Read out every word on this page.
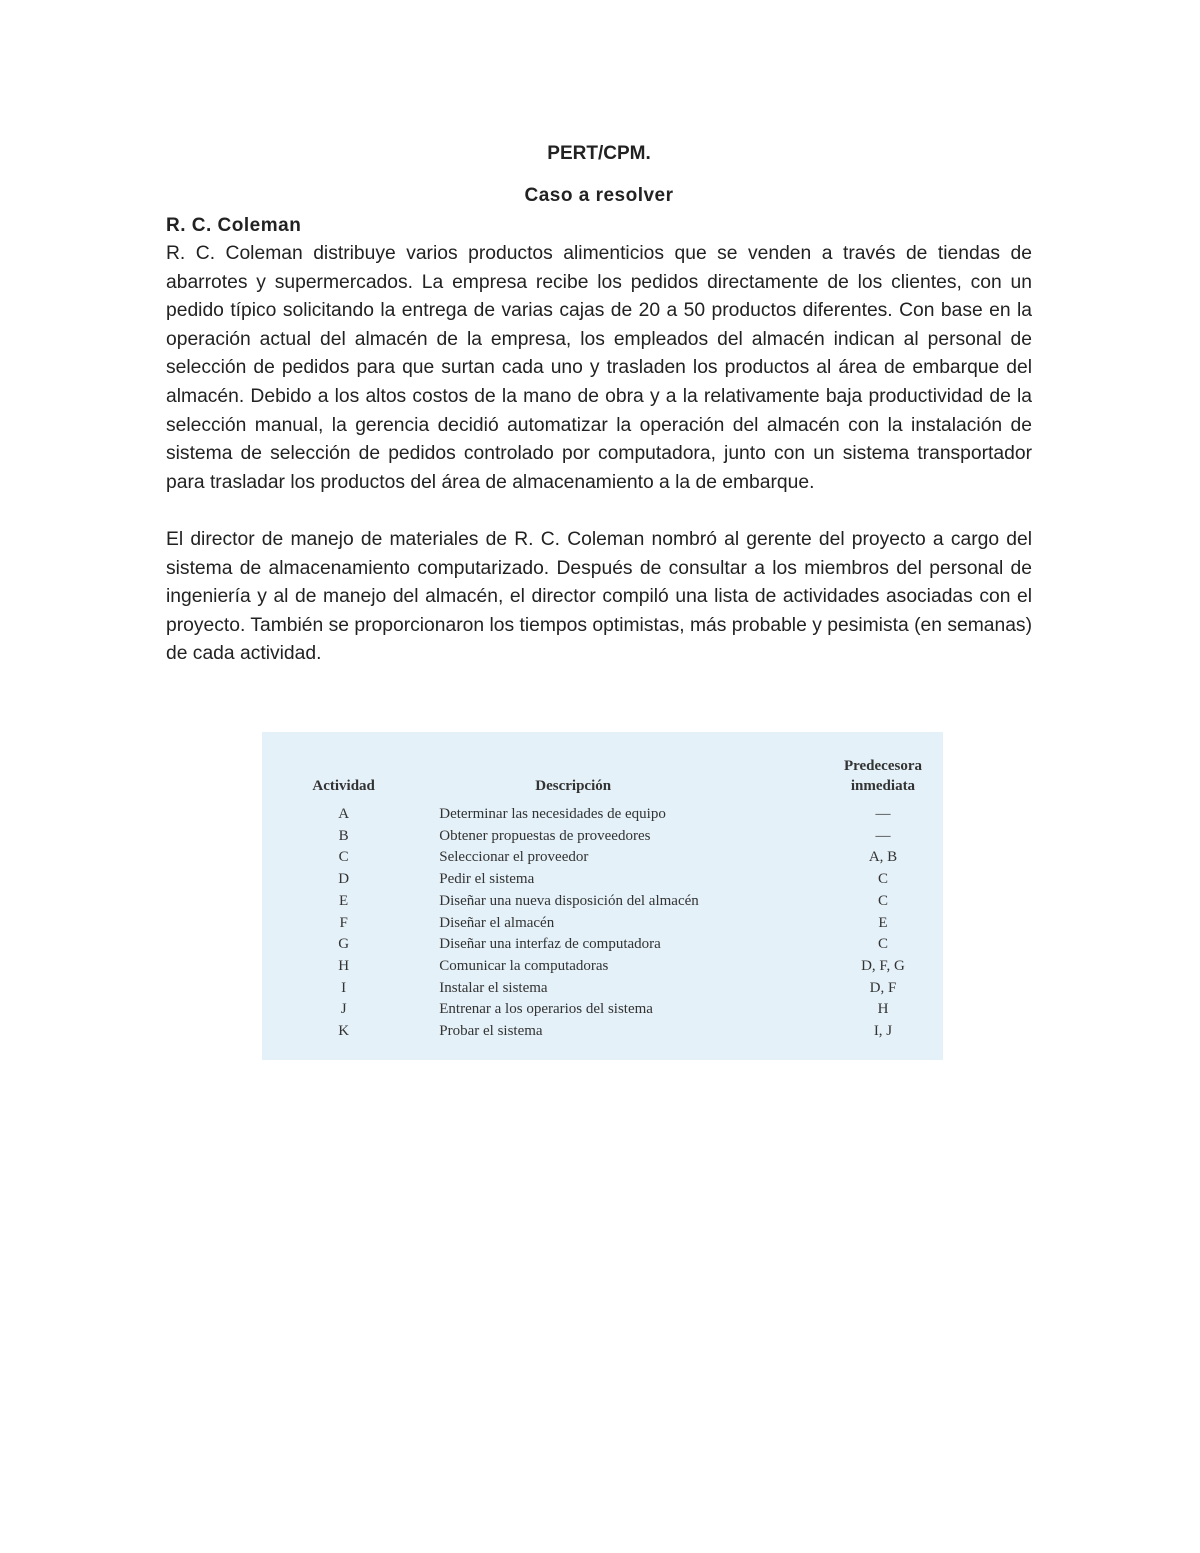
PERT/CPM.

Caso a resolver

R. C. Coleman

R. C. Coleman distribuye varios productos alimenticios que se venden a través de tiendas de abarrotes y supermercados. La empresa recibe los pedidos directamente de los clientes, con un pedido típico solicitando la entrega de varias cajas de 20 a 50 productos diferentes. Con base en la operación actual del almacén de la empresa, los empleados del almacén indican al personal de selección de pedidos para que surtan cada uno y trasladen los productos al área de embarque del almacén. Debido a los altos costos de la mano de obra y a la relativamente baja productividad de la selección manual, la gerencia decidió automatizar la operación del almacén con la instalación de sistema de selección de pedidos controlado por computadora, junto con un sistema transportador para trasladar los productos del área de almacenamiento a la de embarque.

El director de manejo de materiales de R. C. Coleman nombró al gerente del proyecto a cargo del sistema de almacenamiento computarizado. Después de consultar a los miembros del personal de ingeniería y al de manejo del almacén, el director compiló una lista de actividades asociadas con el proyecto. También se proporcionaron los tiempos optimistas, más probable y pesimista (en semanas) de cada actividad.

Actividad	Descripción	Predecesora
inmediata
A	Determinar las necesidades de equipo	—
B	Obtener propuestas de proveedores	—
C	Seleccionar el proveedor	A, B
D	Pedir el sistema	C
E	Diseñar una nueva disposición del almacén	C
F	Diseñar el almacén	E
G	Diseñar una interfaz de computadora	C
H	Comunicar la computadoras	D, F, G
I	Instalar el sistema	D, F
J	Entrenar a los operarios del sistema	H
K	Probar el sistema	I, J
